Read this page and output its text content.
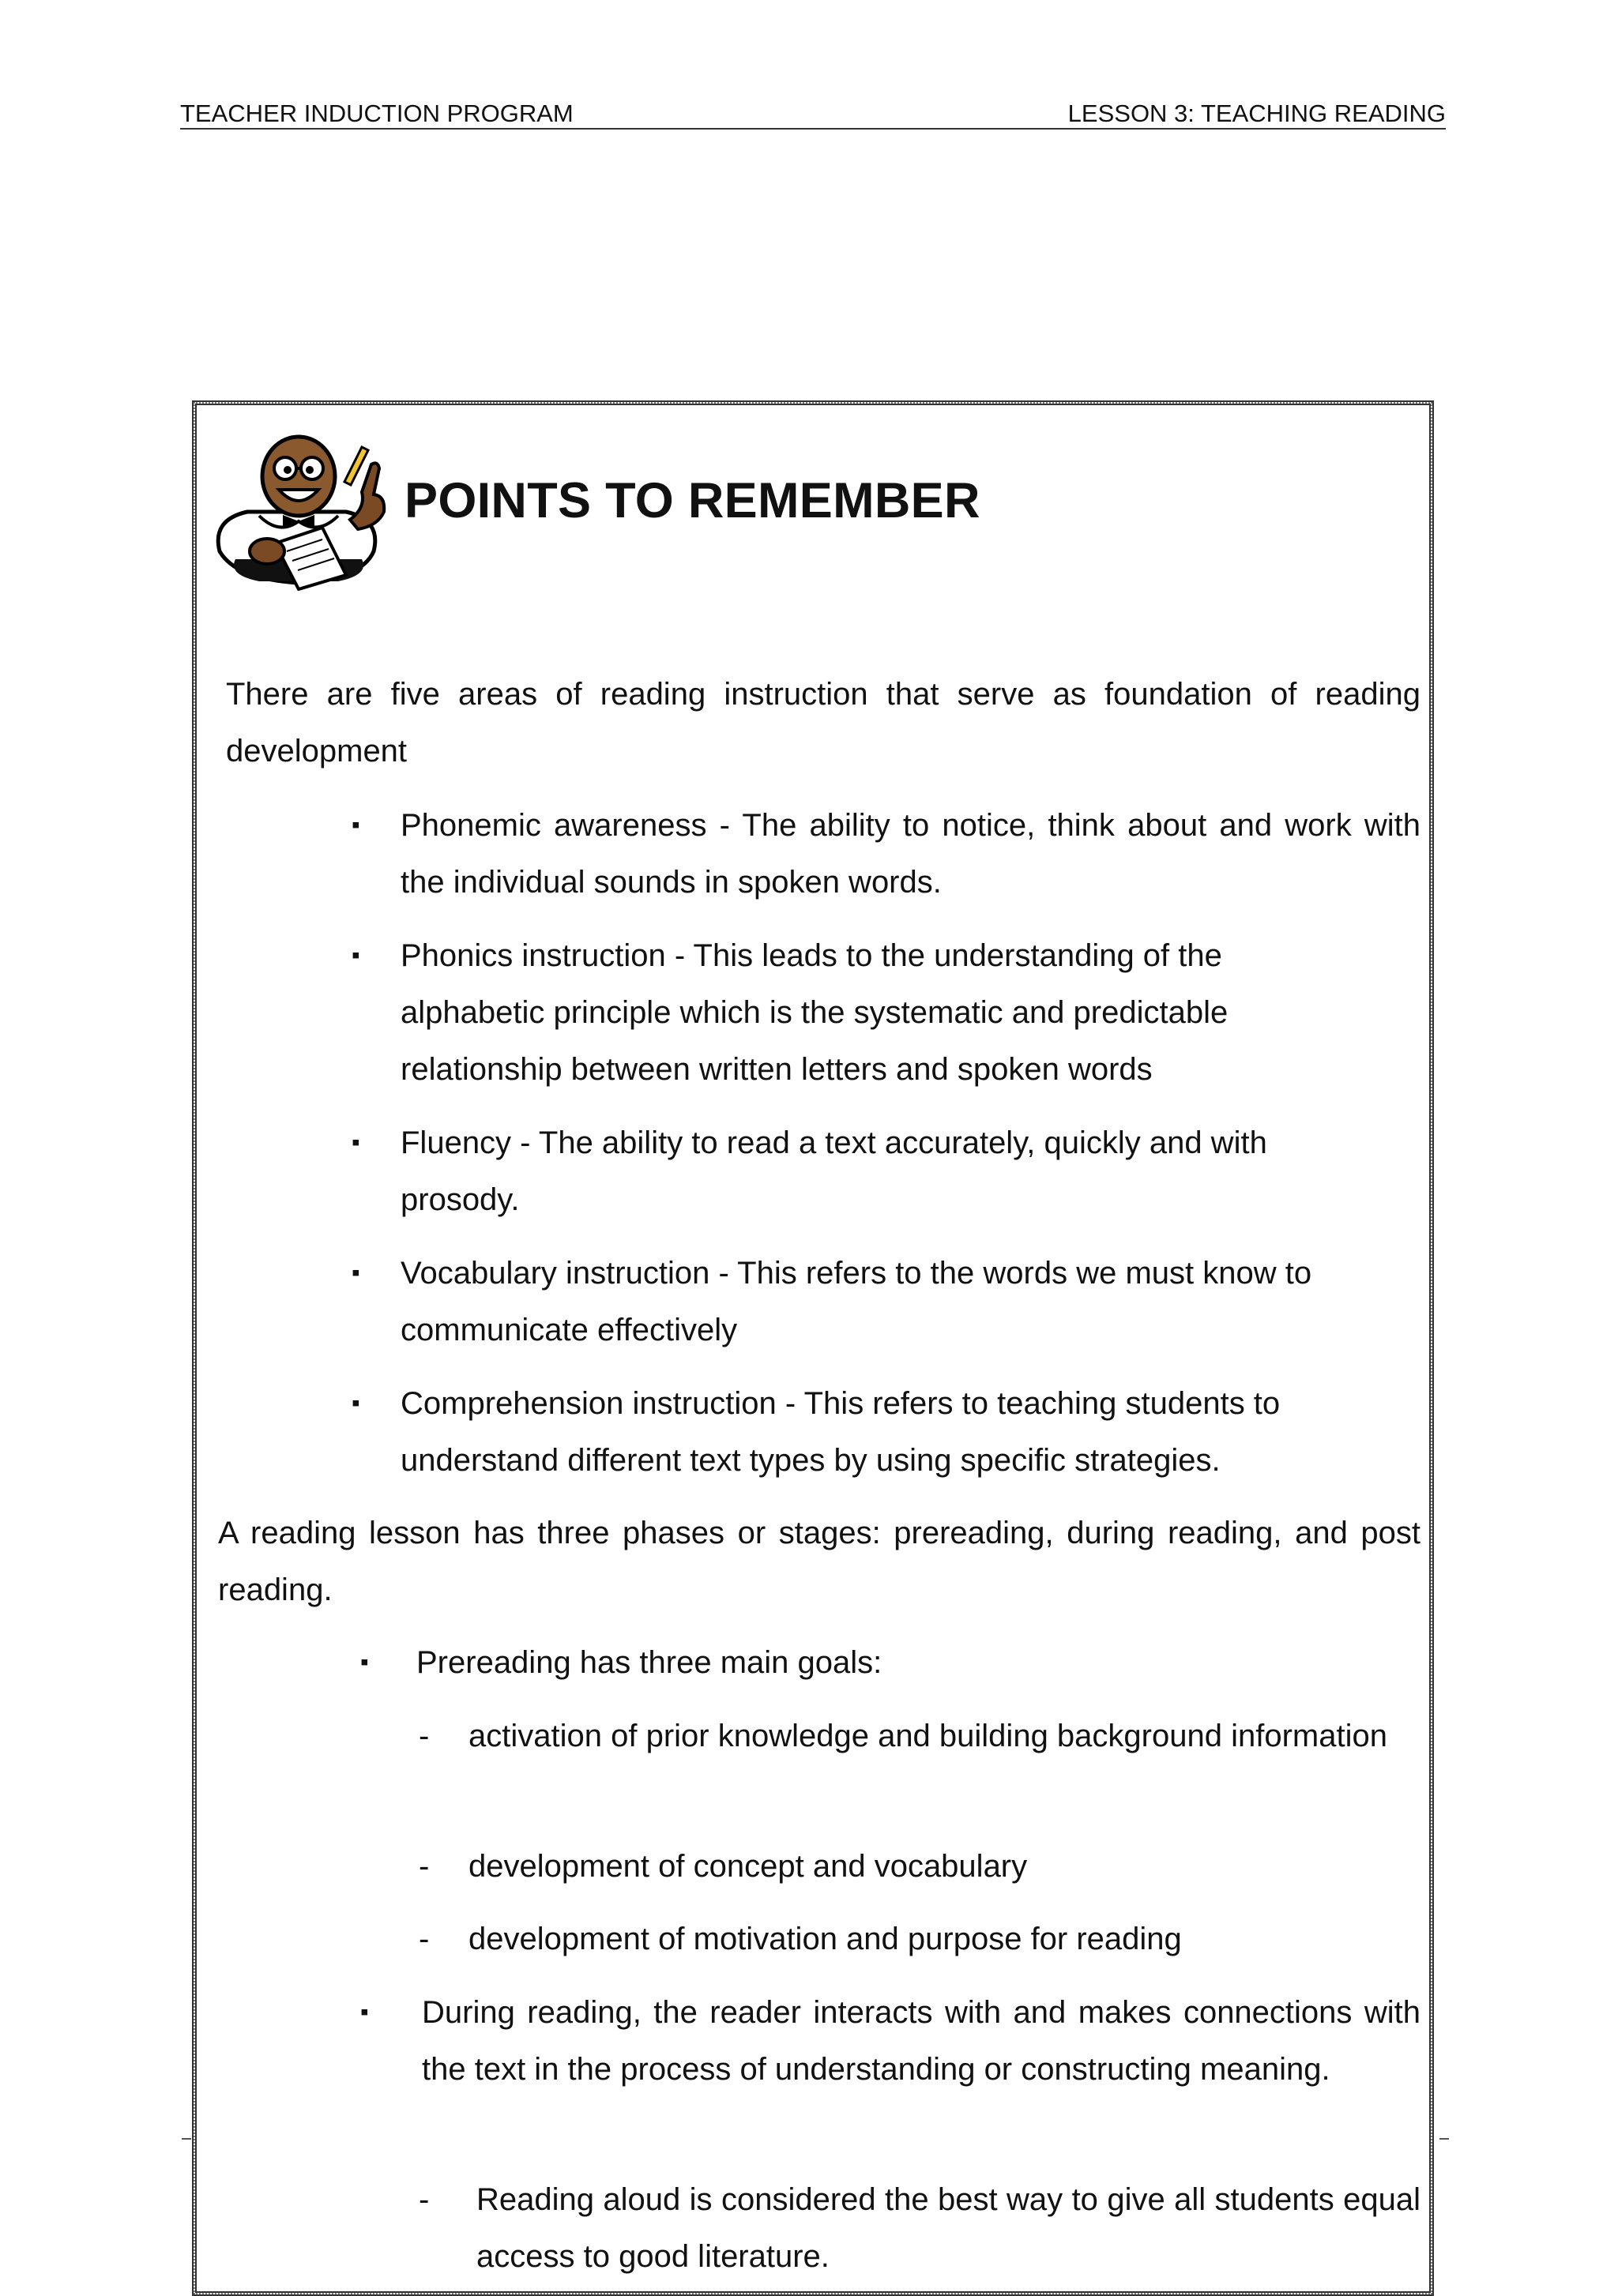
TEACHER INDUCTION PROGRAM	LESSON 3: TEACHING READING
POINTS TO REMEMBER
There are five areas of reading instruction that serve as foundation of reading development
▪ Phonemic awareness - The ability to notice, think about and work with the individual sounds in spoken words.
▪ Phonics instruction - This leads to the understanding of the alphabetic principle which is the systematic and predictable relationship between written letters and spoken words
▪ Fluency - The ability to read a text accurately, quickly and with prosody.
▪ Vocabulary instruction - This refers to the words we must know to communicate effectively
▪ Comprehension instruction - This refers to teaching students to understand different text types by using specific strategies.
A reading lesson has three phases or stages: prereading, during reading, and post reading.
▪ Prereading has three main goals:
- activation of prior knowledge and building background information
- development of concept and vocabulary
- development of motivation and purpose for reading
▪ During reading, the reader interacts with and makes connections with the text in the process of understanding or constructing meaning.
- Reading aloud is considered the best way to give all students equal access to good literature.
